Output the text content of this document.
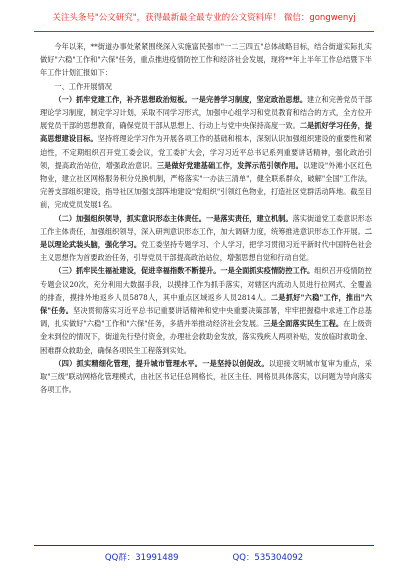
关注头条号"公文研究"，获得最新最全最专业的公文资料库！ 微信：gongwenyj

今年以来，**街道办事处紧紧围绕深入实施富民强市"一二三四五"总体战略目标，结合街道实际扎实做好"六稳"工作和"六保"任务，重点推进疫情防控工作和经济社会发展，现将**年上半年工作总结暨下半年工作计划汇报如下：

一、工作开展情况

（一）抓牢党建工作，补齐思想政治短板。一是完善学习制度，坚定政治思想。建立和完善党员干部理论学习制度，制定学习计划，采取不同学习形式，加强中心组学习和党员教育和结合的方式，全方位开展党员干部的思想教育，确保党员干部从思想上、行动上与党中央保持高度一致。二是抓好学习任务，提高思想建设目标。坚持将理论学习作为开展各项工作的基础和根本，深刻认识加强组织建设的重要性和紧迫性，不定期组织召开党工委会议，党工委扩大会，学习习近平总书记系列重要讲话精神，强化政治引领，提高政治站位，增强政治意识。三是做好党建基础工作，发挥示范引领作用。以建设"外滩小区红色物业，建立社区网格服务积分兑换机制，严格落实"一办法三清单"，健全联系群众，破解"全国"工作法，完善支部组织建设，指导社区加强支部阵地建设"党组织"引领红色物业，打造社区党群活动阵地。截至目前，完成党员发展1名。

（二）加强组织领导，抓实意识形态主体责任。一是落实责任，建立机制。落实街道党工委意识形态工作主体责任，加强组织领导，深入研判意识形态工作，加大调研力度，统筹推进意识形态工作开展。二是以理论武装头脑，强化学习。党工委坚持专题学习、个人学习，把学习贯彻习近平新时代中国特色社会主义思想作为首要政治任务，引导党员干部提高政治站位，增强思想自觉和行动自觉。

（三）抓牢民生福祉建设，促进幸福指数不断提升。一是全面抓实疫情防控工作。组织召开疫情防控专题会议20次，充分利用大数据手段，以摸排工作为抓手落实，对辖区内流动人员进行拉网式、全覆盖的排查，摸排外地返乡人员5878人，其中重点区域返乡人员2814人。二是抓好"六稳"工作，推出"六保"任务。坚决贯彻落实习近平总书记重要讲话精神和党中央重要决策部署，牢牢把握稳中求进工作总基调，扎实做好"六稳"工作和"六保"任务，多措并举推动经济社会发展。三是全面落实民生工程。在上级资金未到位的情况下，街道先行垫付资金，办理社会救助金发放，落实残疾人两项补贴，发放临时救助金、困难群众救助金，确保各项民生工程落到实处。

（四）抓实精细化管理，提升城市管理水平。一是坚持以创促改。以迎接文明城市复审为重点，采取"三级"联动网格化管理模式，由社区书记任总网格长，社区主任、网格员具体落实，以问题为导向落实各项工作。

QQ群：31991489	QQ：535304092
